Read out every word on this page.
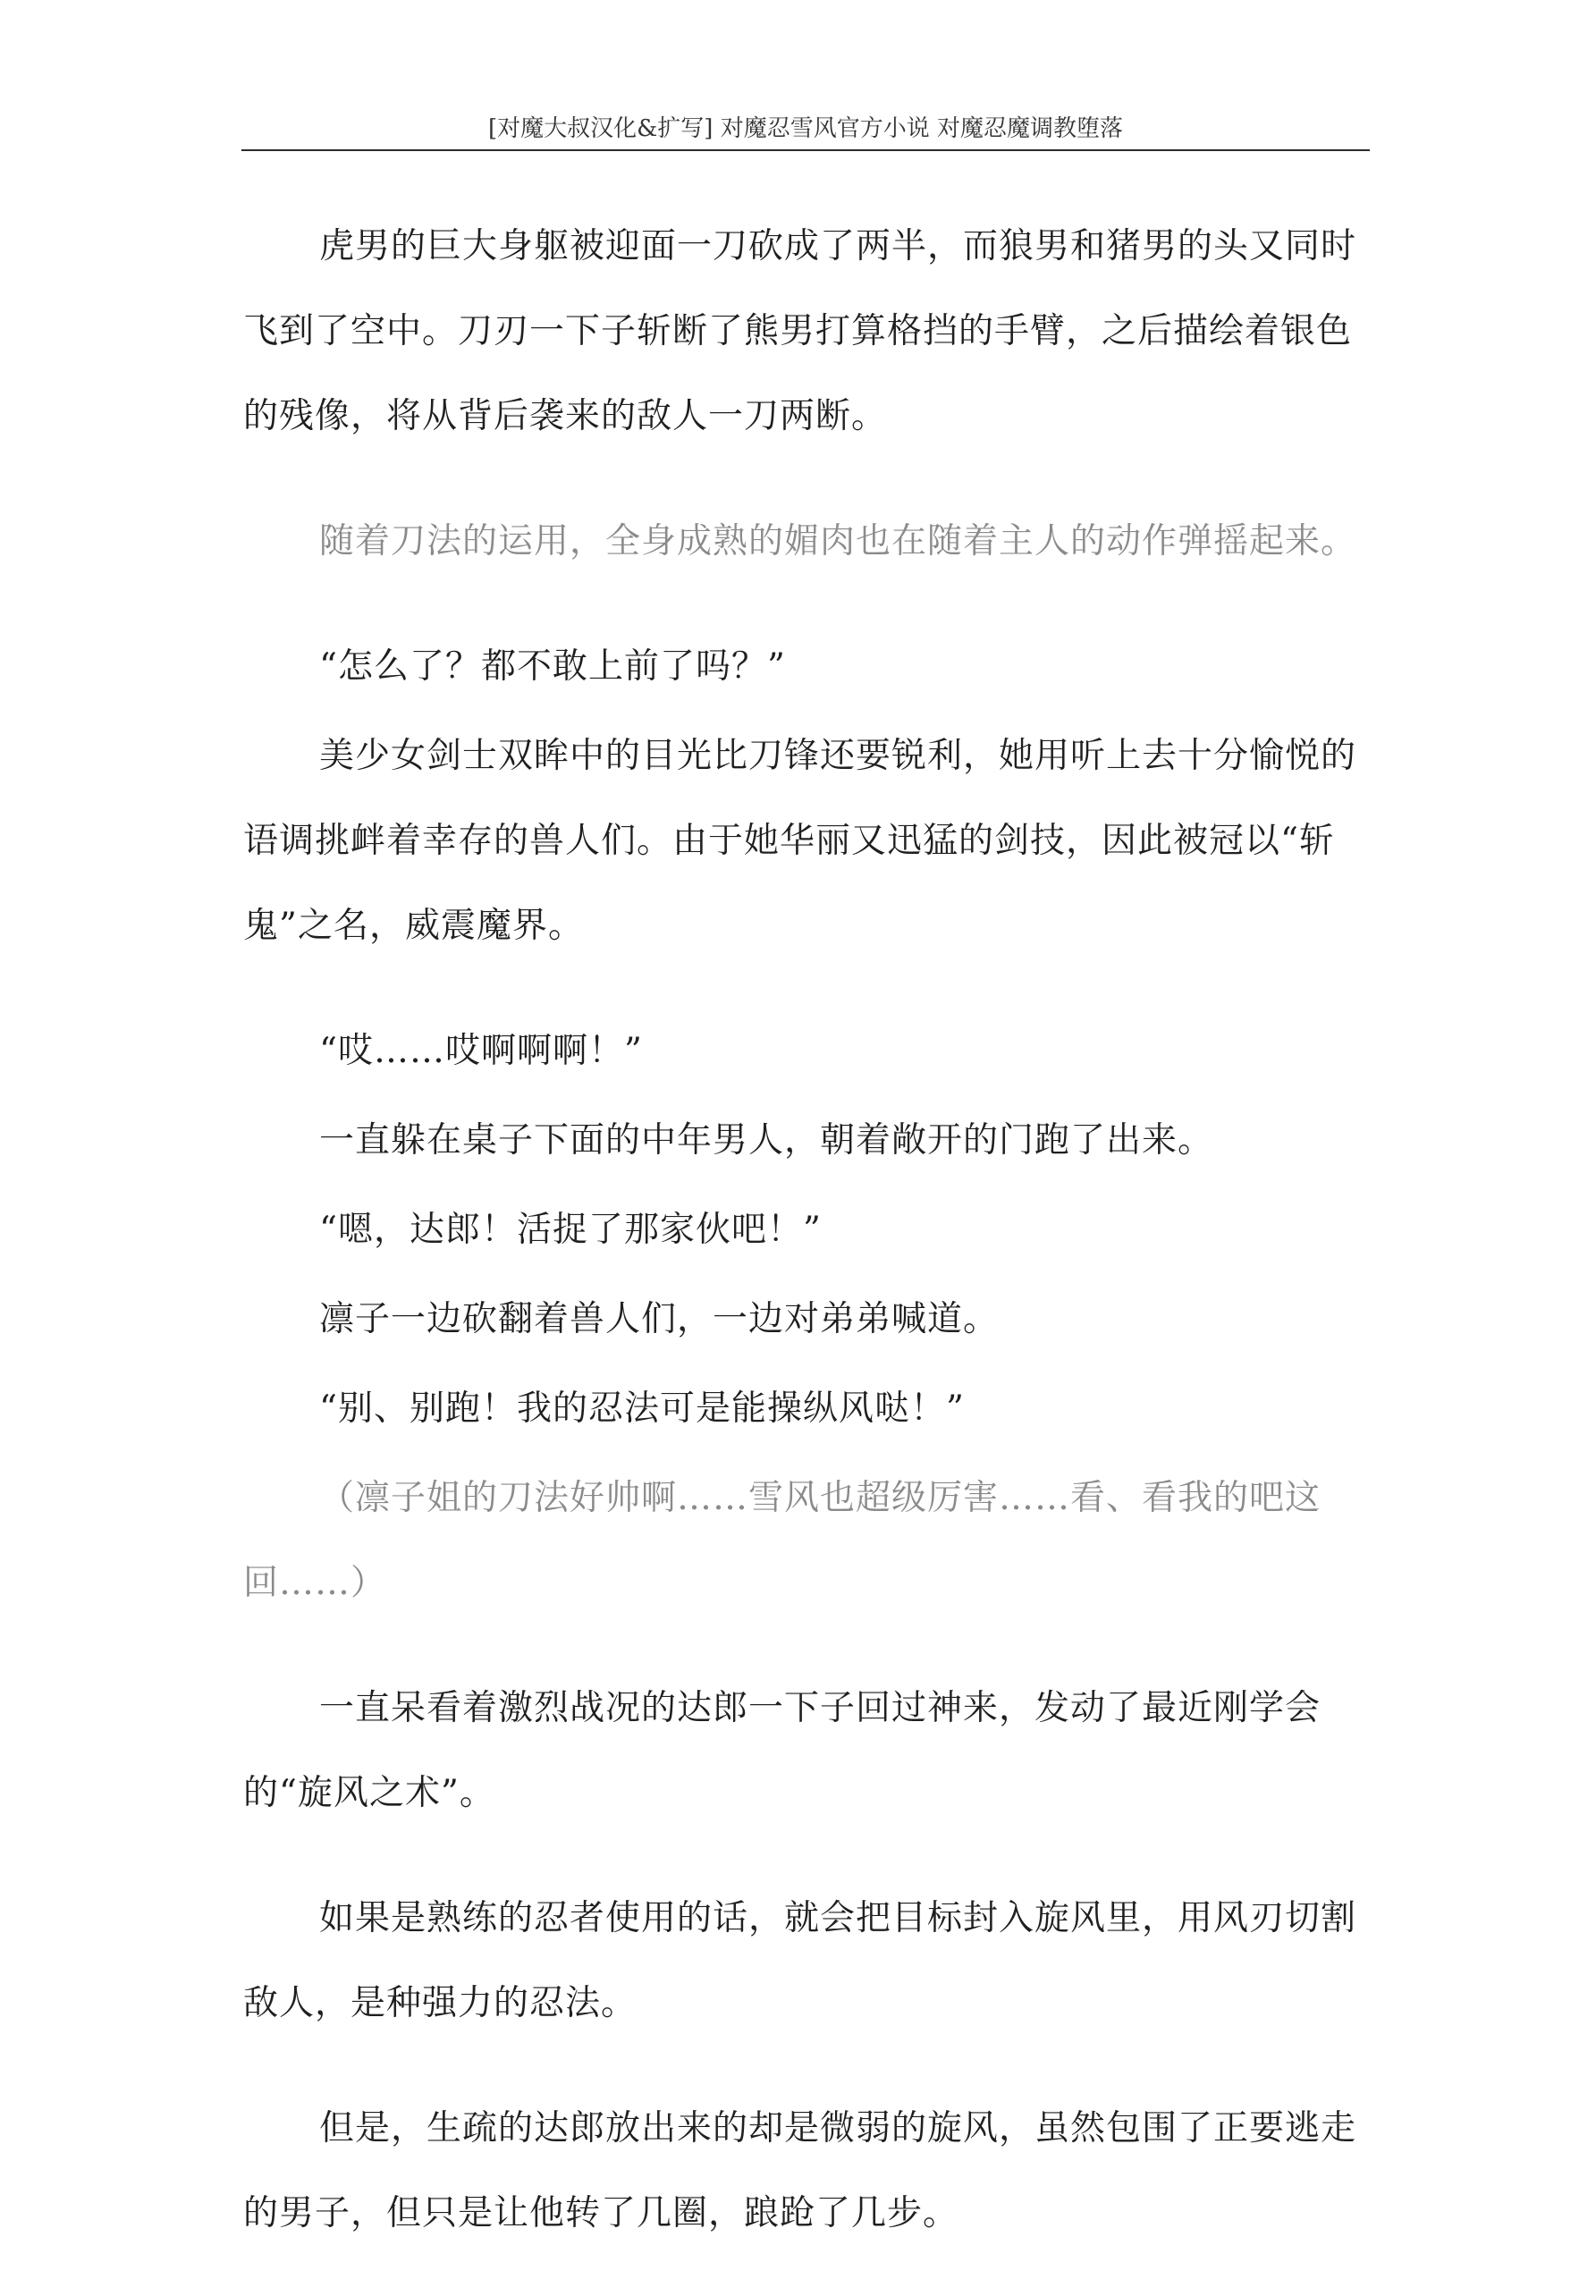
[对魔大叔汉化&扩写] 对魔忍雪风官方小说 对魔忍魔调教堕落

虎男的巨大身躯被迎面一刀砍成了两半，而狼男和猪男的头又同时飞到了空中。刀刃一下子斩断了熊男打算格挡的手臂，之后描绘着银色的残像，将从背后袭来的敌人一刀两断。

随着刀法的运用，全身成熟的媚肉也在随着主人的动作弹摇起来。

“怎么了？都不敢上前了吗？”

美少女剑士双眸中的目光比刀锋还要锐利，她用听上去十分愉悦的语调挑衅着幸存的兽人们。由于她华丽又迅猛的剑技，因此被冠以“斩鬼”之名，威震魔界。

“哎……哎啊啊啊！”

一直躲在桌子下面的中年男人，朝着敞开的门跑了出来。

“嗯，达郎！活捉了那家伙吧！”

凛子一边砍翻着兽人们，一边对弟弟喊道。

“别、别跑！我的忍法可是能操纵风哒！”

（凛子姐的刀法好帅啊……雪风也超级厉害……看、看我的吧这回……）

一直呆看着激烈战况的达郎一下子回过神来，发动了最近刚学会的“旋风之术”。

如果是熟练的忍者使用的话，就会把目标封入旋风里，用风刃切割敌人，是种强力的忍法。

但是，生疏的达郎放出来的却是微弱的旋风，虽然包围了正要逃走的男子，但只是让他转了几圈，踉跄了几步。
